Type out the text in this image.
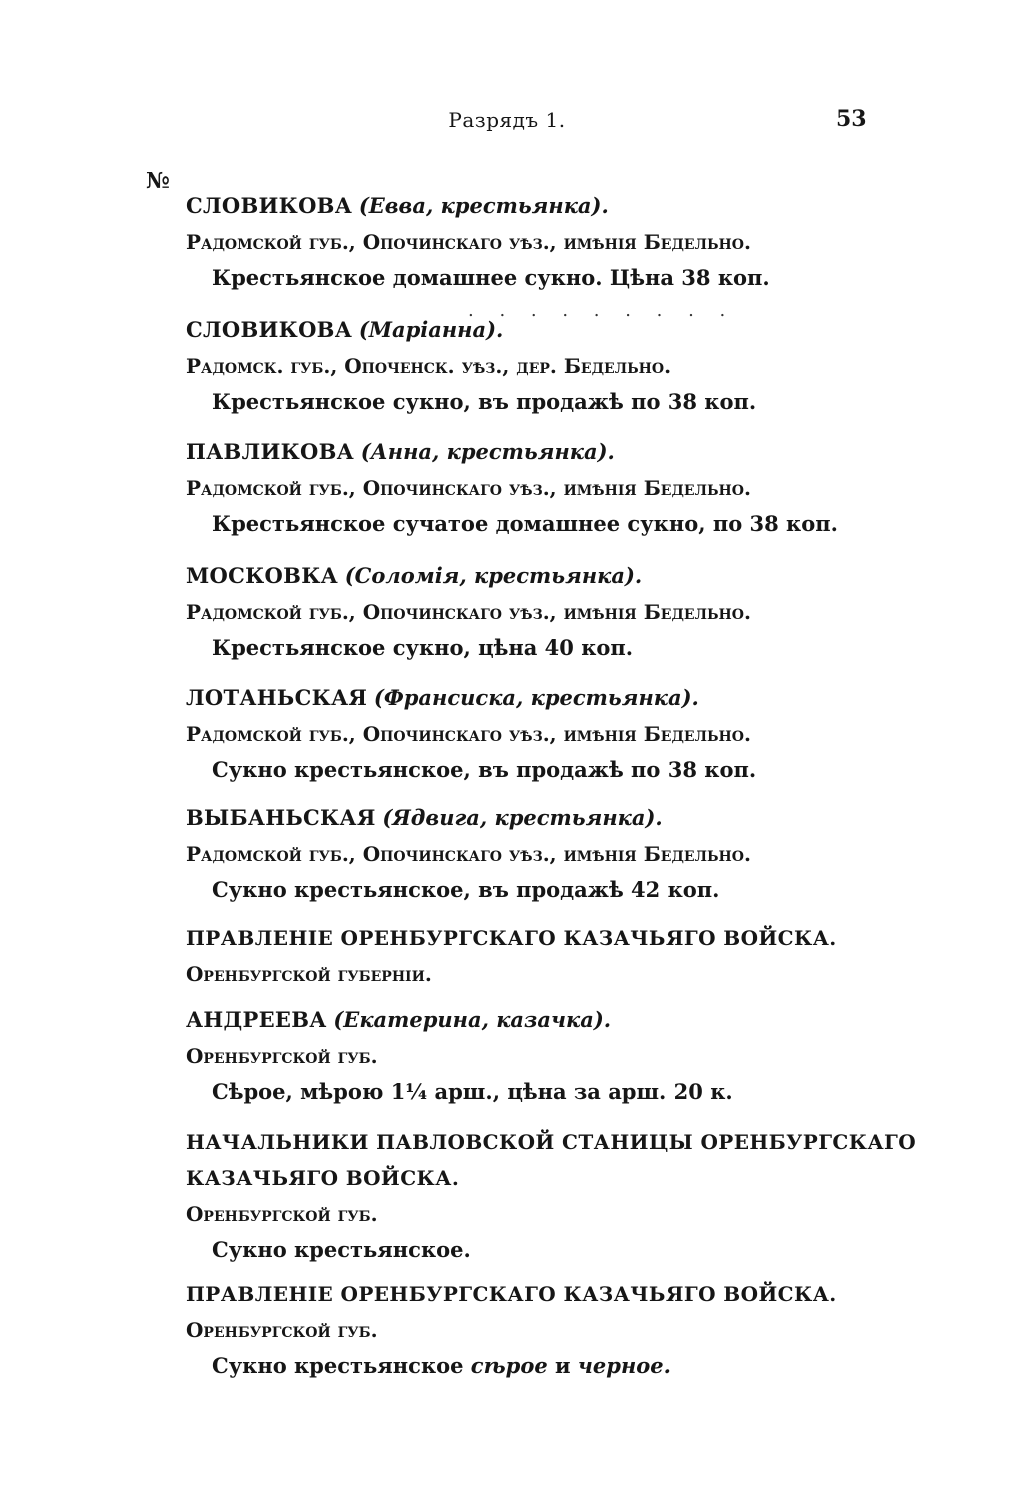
Разрядъ 1.	53
№
. . . . . . . . .
СЛОВИКОВА (Евва, крестьянка).
Радомской губ., Опочинскаго уѣз., имѣнія Бедельно.
Крестьянское домашнее сукно. Цѣна 38 коп.
СЛОВИКОВА (Маріанна).
Радомск. губ., Опоченск. уѣз., дер. Бедельно.
Крестьянское сукно, въ продажѣ по 38 коп.
ПАВЛИКОВА (Анна, крестьянка).
Радомской губ., Опочинскаго уѣз., имѣнія Бедельно.
Крестьянское сучатое домашнее сукно, по 38 коп.
МОСКОВКА (Соломія, крестьянка).
Радомской губ., Опочинскаго уѣз., имѣнія Бедельно.
Крестьянское сукно, цѣна 40 коп.
ЛОТАНЬСКАЯ (Франсиска, крестьянка).
Радомской губ., Опочинскаго уѣз., имѣнія Бедельно.
Сукно крестьянское, въ продажѣ по 38 коп.
ВЫБАНЬСКАЯ (Ядвига, крестьянка).
Радомской губ., Опочинскаго уѣз., имѣнія Бедельно.
Сукно крестьянское, въ продажѣ 42 коп.
ПРАВЛЕНІЕ ОРЕНБУРГСКАГО КАЗАЧЬЯГО ВОЙСКА.
Оренбургской губерніи.
АНДРЕЕВА (Екатерина, казачка).
Оренбургской губ.
Сѣрое, мѣрою 1¼ арш., цѣна за арш. 20 к.
НАЧАЛЬНИКИ ПАВЛОВСКОЙ СТАНИЦЫ ОРЕНБУРГСКАГО
КАЗАЧЬЯГО ВОЙСКА.
Оренбургской губ.
Сукно крестьянское.
ПРАВЛЕНІЕ ОРЕНБУРГСКАГО КАЗАЧЬЯГО ВОЙСКА.
Оренбургской губ.
Сукно крестьянское сѣрое и черное.
